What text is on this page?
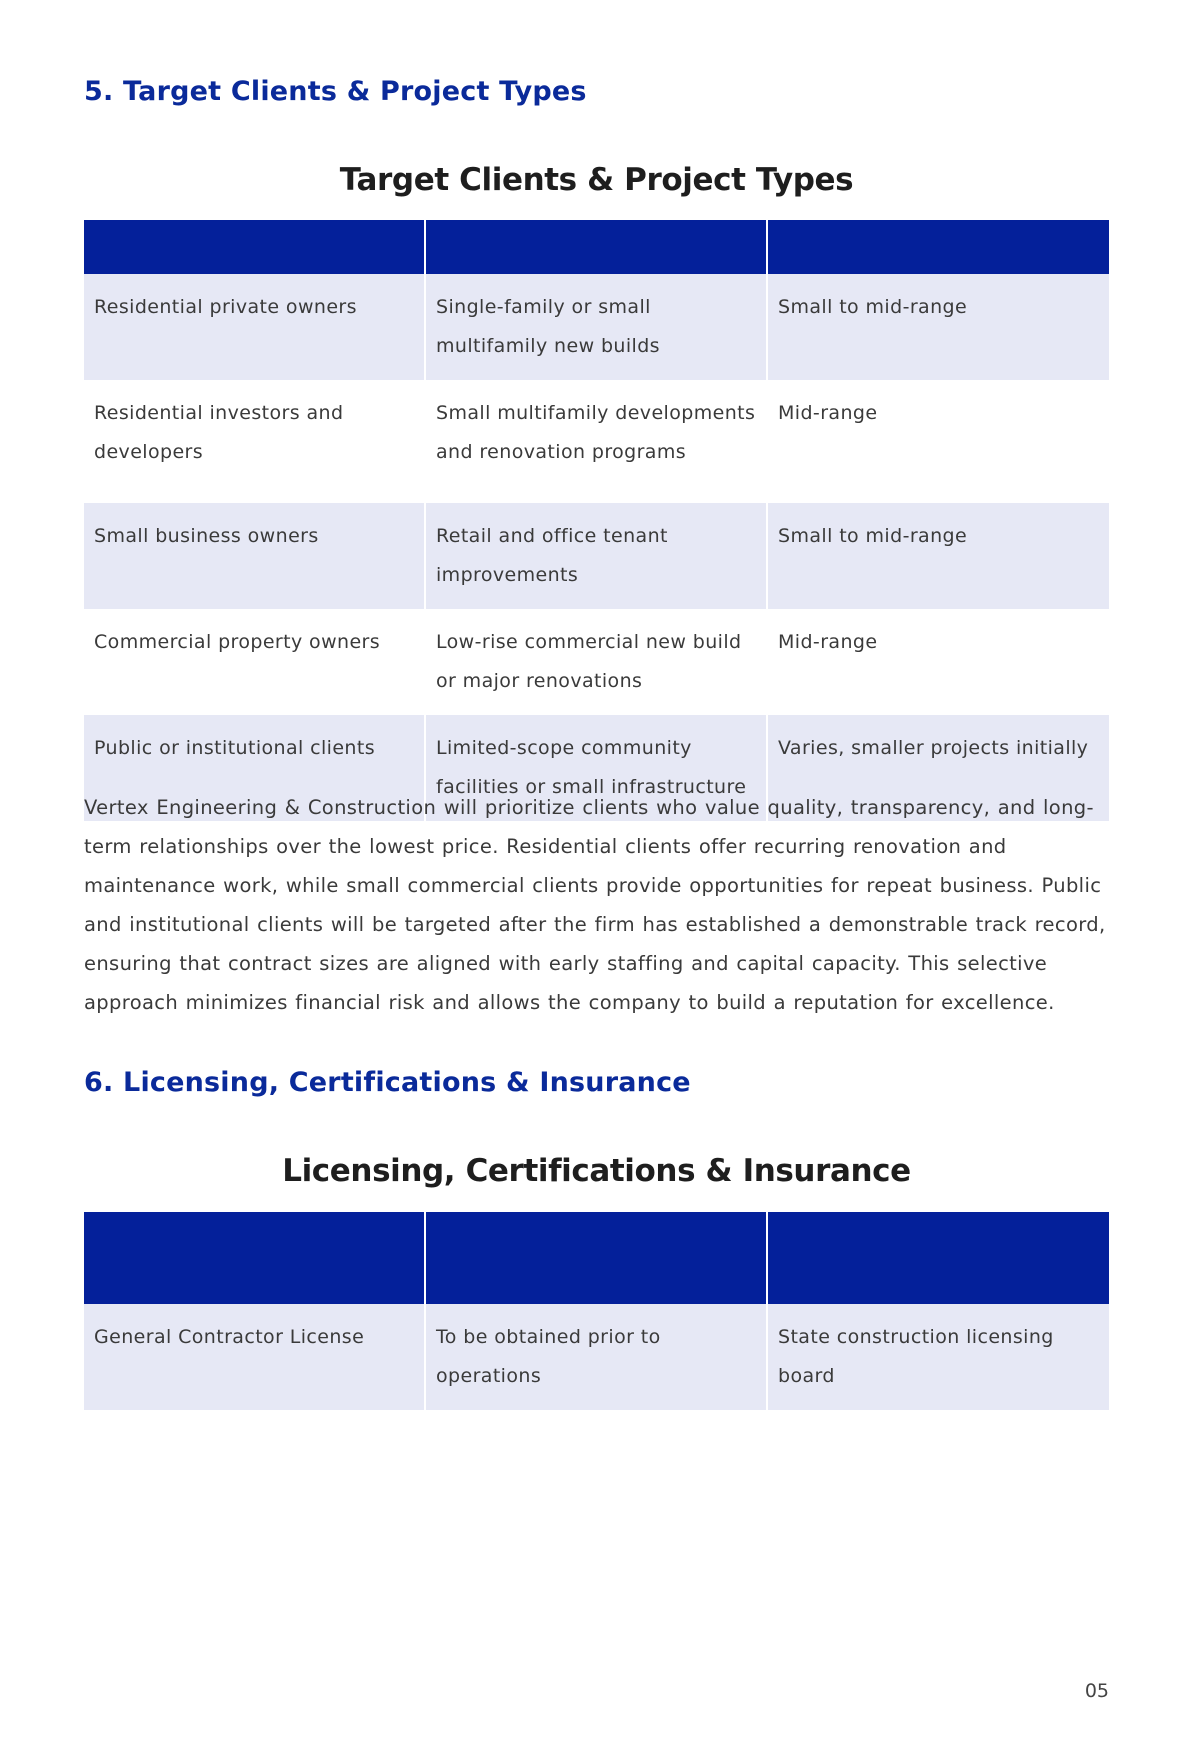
5. Target Clients & Project Types
Target Clients & Project Types

Residential private owners	Single-family or small multifamily new builds	Small to mid-range
Residential investors and developers	Small multifamily developments and renovation programs	Mid-range
Small business owners	Retail and office tenant improvements	Small to mid-range
Commercial property owners	Low-rise commercial new build or major renovations	Mid-range
Public or institutional clients	Limited-scope community facilities or small infrastructure	Varies, smaller projects initially

Vertex Engineering & Construction will prioritize clients who value quality, transparency, and long-term relationships over the lowest price. Residential clients offer recurring renovation and maintenance work, while small commercial clients provide opportunities for repeat business. Public and institutional clients will be targeted after the firm has established a demonstrable track record, ensuring that contract sizes are aligned with early staffing and capital capacity. This selective approach minimizes financial risk and allows the company to build a reputation for excellence.

6. Licensing, Certifications & Insurance
Licensing, Certifications & Insurance

General Contractor License	To be obtained prior to operations	State construction licensing board
05
